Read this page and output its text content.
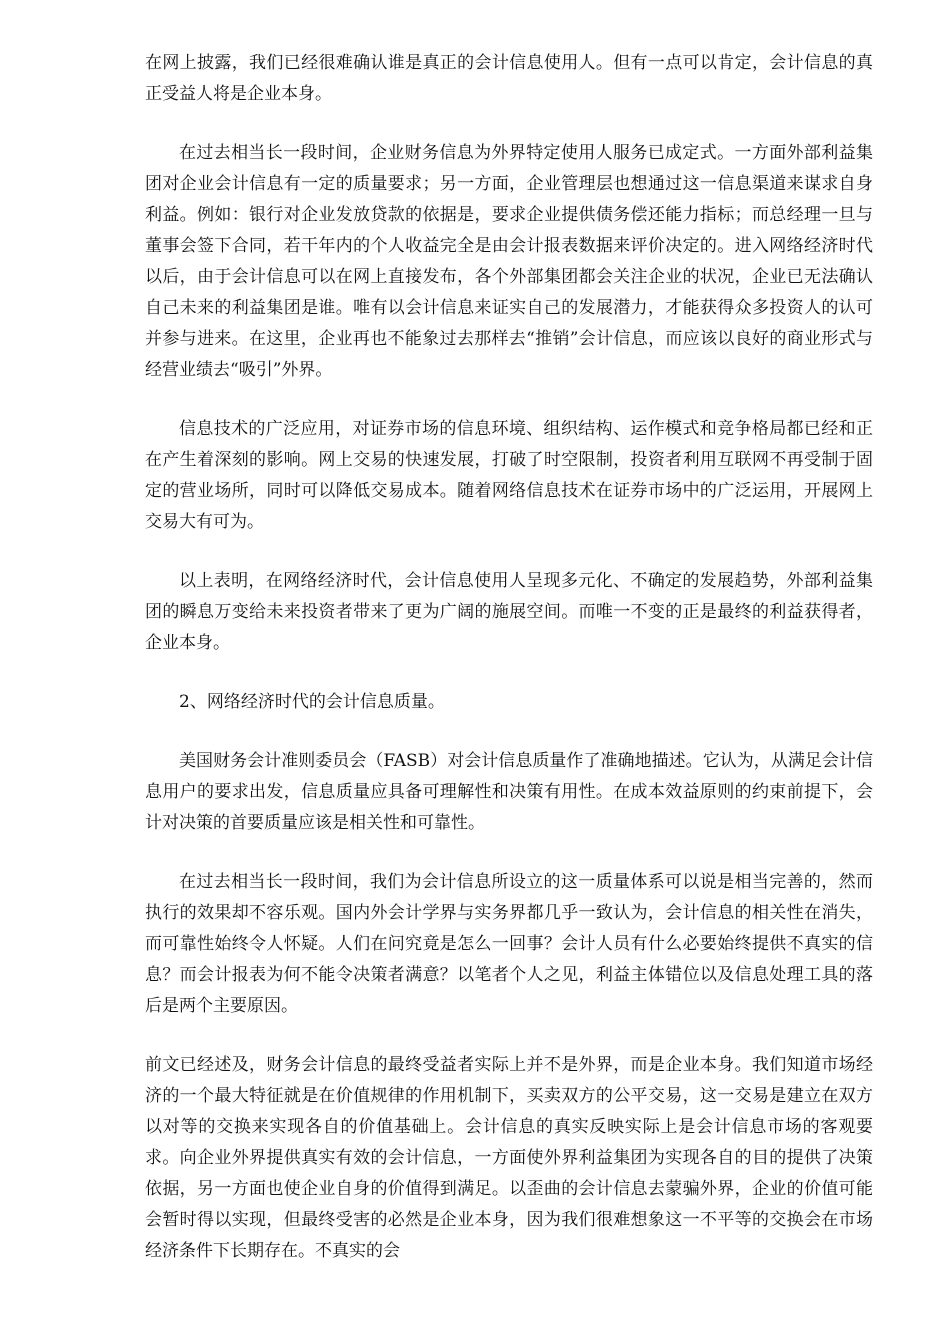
在网上披露，我们已经很难确认谁是真正的会计信息使用人。但有一点可以肯定，会计信息的真正受益人将是企业本身。

在过去相当长一段时间，企业财务信息为外界特定使用人服务已成定式。一方面外部利益集团对企业会计信息有一定的质量要求；另一方面，企业管理层也想通过这一信息渠道来谋求自身利益。例如：银行对企业发放贷款的依据是，要求企业提供债务偿还能力指标；而总经理一旦与董事会签下合同，若干年内的个人收益完全是由会计报表数据来评价决定的。进入网络经济时代以后，由于会计信息可以在网上直接发布，各个外部集团都会关注企业的状况，企业已无法确认自己未来的利益集团是谁。唯有以会计信息来证实自己的发展潜力，才能获得众多投资人的认可并参与进来。在这里，企业再也不能象过去那样去“推销”会计信息，而应该以良好的商业形式与经营业绩去“吸引”外界。

信息技术的广泛应用，对证券市场的信息环境、组织结构、运作模式和竞争格局都已经和正在产生着深刻的影响。网上交易的快速发展，打破了时空限制，投资者利用互联网不再受制于固定的营业场所，同时可以降低交易成本。随着网络信息技术在证券市场中的广泛运用，开展网上交易大有可为。

以上表明，在网络经济时代，会计信息使用人呈现多元化、不确定的发展趋势，外部利益集团的瞬息万变给未来投资者带来了更为广阔的施展空间。而唯一不变的正是最终的利益获得者，企业本身。

2、网络经济时代的会计信息质量。

美国财务会计准则委员会（FASB）对会计信息质量作了准确地描述。它认为，从满足会计信息用户的要求出发，信息质量应具备可理解性和决策有用性。在成本效益原则的约束前提下，会计对决策的首要质量应该是相关性和可靠性。

在过去相当长一段时间，我们为会计信息所设立的这一质量体系可以说是相当完善的，然而执行的效果却不容乐观。国内外会计学界与实务界都几乎一致认为，会计信息的相关性在消失，而可靠性始终令人怀疑。人们在问究竟是怎么一回事？会计人员有什么必要始终提供不真实的信息？而会计报表为何不能令决策者满意？以笔者个人之见，利益主体错位以及信息处理工具的落后是两个主要原因。

前文已经述及，财务会计信息的最终受益者实际上并不是外界，而是企业本身。我们知道市场经济的一个最大特征就是在价值规律的作用机制下，买卖双方的公平交易，这一交易是建立在双方以对等的交换来实现各自的价值基础上。会计信息的真实反映实际上是会计信息市场的客观要求。向企业外界提供真实有效的会计信息，一方面使外界利益集团为实现各自的目的提供了决策依据，另一方面也使企业自身的价值得到满足。以歪曲的会计信息去蒙骗外界，企业的价值可能会暂时得以实现，但最终受害的必然是企业本身，因为我们很难想象这一不平等的交换会在市场经济条件下长期存在。不真实的会
